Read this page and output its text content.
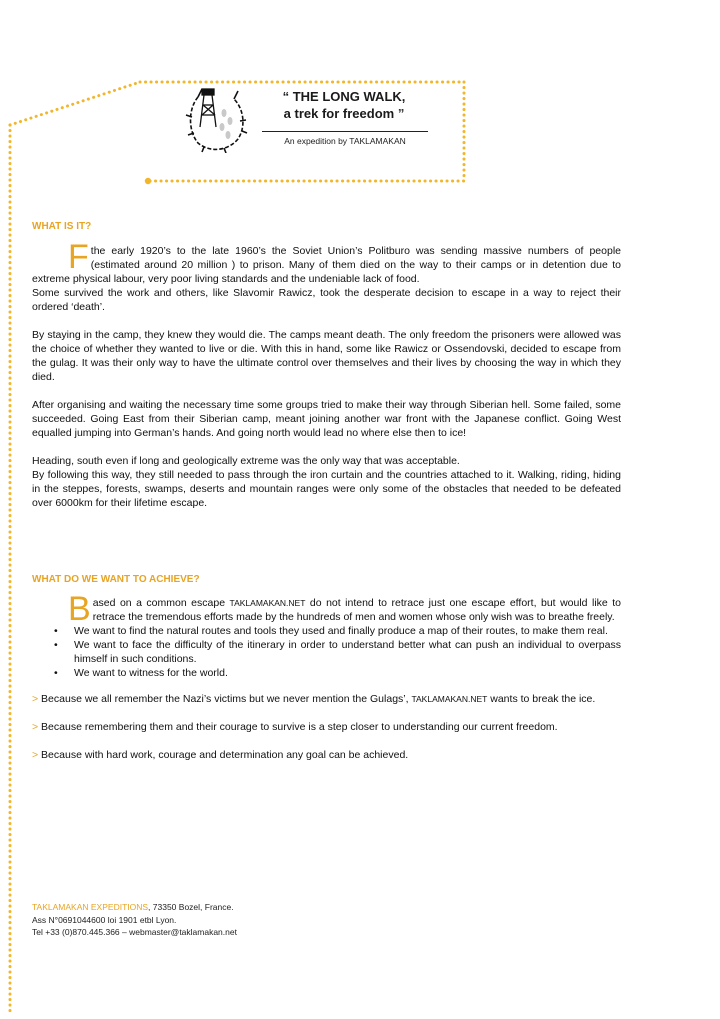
“ THE LONG WALK,
a trek for freedom ”
An expedition by TAKLAMAKAN
WHAT IS IT?

Fthe early 1920’s to the late 1960’s the Soviet Union’s Politburo was sending massive numbers of people (estimated around 20 million ) to prison. Many of them died on the way to their camps or in detention due to extreme physical labour, very poor living standards and the undeniable lack of food.

Some survived the work and others, like Slavomir Rawicz, took the desperate decision to escape in a way to reject their ordered ‘death’.

By staying in the camp, they knew they would die. The camps meant death. The only freedom the prisoners were allowed was the choice of whether they wanted to live or die. With this in hand, some like Rawicz or Ossendovski, decided to escape from the gulag. It was their only way to have the ultimate control over themselves and their lives by choosing the way in which they died.

After organising and waiting the necessary time some groups tried to make their way through Siberian hell. Some failed, some succeeded. Going East from their Siberian camp, meant joining another war front with the Japanese conflict. Going West equalled jumping into German’s hands. And going north would lead no where else then to ice!

Heading, south even if long and geologically extreme was the only way that was acceptable.

By following this way, they still needed to pass through the iron curtain and the countries attached to it. Walking, riding, hiding in the steppes, forests, swamps, deserts and mountain ranges were only some of the obstacles that needed to be defeated over 6000km for their lifetime escape.

WHAT DO WE WANT TO ACHIEVE?

Based on a common escape TAKLAMAKAN.NET do not intend to retrace just one escape effort, but would like to retrace the tremendous efforts made by the hundreds of men and women whose only wish was to breathe freely.

• We want to find the natural routes and tools they used and finally produce a map of their routes, to make them real.
• We want to face the difficulty of the itinerary in order to understand better what can push an individual to overpass himself in such conditions.
• We want to witness for the world.

> Because we all remember the Nazi’s victims but we never mention the Gulags’, TAKLAMAKAN.NET wants to break the ice.

> Because remembering them and their courage to survive is a step closer to understanding our current freedom.

> Because with hard work, courage and determination any goal can be achieved.

TAKLAMAKAN EXPEDITIONS, 73350 Bozel, France.
Ass N°0691044600 loi 1901 etbl Lyon.
Tel +33 (0)870.445.366 – webmaster@taklamakan.net
